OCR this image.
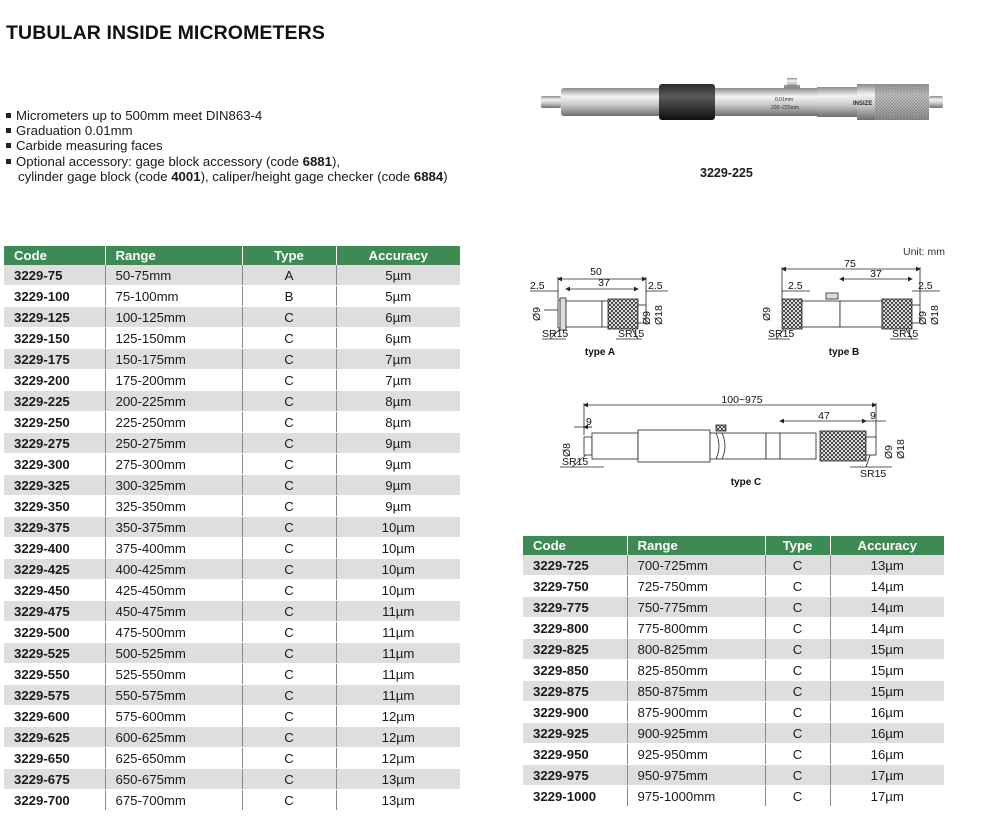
TUBULAR INSIDE MICROMETERS
Micrometers up to 500mm meet DIN863-4
Graduation 0.01mm
Carbide measuring faces
Optional accessory: gage block accessory (code 6881),
cylinder gage block (code 4001), caliper/height gage checker (code 6884)
0.01mm
200~225mm
INSIZE
3229-225
Code	Range	Type	Accuracy
3229-75	50-75mm	A	5µm
3229-100	75-100mm	B	5µm
3229-125	100-125mm	C	6µm
3229-150	125-150mm	C	6µm
3229-175	150-175mm	C	7µm
3229-200	175-200mm	C	7µm
3229-225	200-225mm	C	8µm
3229-250	225-250mm	C	8µm
3229-275	250-275mm	C	9µm
3229-300	275-300mm	C	9µm
3229-325	300-325mm	C	9µm
3229-350	325-350mm	C	9µm
3229-375	350-375mm	C	10µm
3229-400	375-400mm	C	10µm
3229-425	400-425mm	C	10µm
3229-450	425-450mm	C	10µm
3229-475	450-475mm	C	11µm
3229-500	475-500mm	C	11µm
3229-525	500-525mm	C	11µm
3229-550	525-550mm	C	11µm
3229-575	550-575mm	C	11µm
3229-600	575-600mm	C	12µm
3229-625	600-625mm	C	12µm
3229-650	625-650mm	C	12µm
3229-675	650-675mm	C	13µm
3229-700	675-700mm	C	13µm
Code	Range	Type	Accuracy
3229-725	700-725mm	C	13µm
3229-750	725-750mm	C	14µm
3229-775	750-775mm	C	14µm
3229-800	775-800mm	C	14µm
3229-825	800-825mm	C	15µm
3229-850	825-850mm	C	15µm
3229-875	850-875mm	C	15µm
3229-900	875-900mm	C	16µm
3229-925	900-925mm	C	16µm
3229-950	925-950mm	C	16µm
3229-975	950-975mm	C	17µm
3229-1000	975-1000mm	C	17µm
Unit: mm
50
37
2.5	2.5
Ø9	Ø9 Ø18
SR15	SR15
type A
75
37
2.5	2.5
Ø9	Ø9 Ø18
SR15	SR15
type B
100~975
9	47	9
Ø8	Ø9 Ø18
SR15
SR15
type C
